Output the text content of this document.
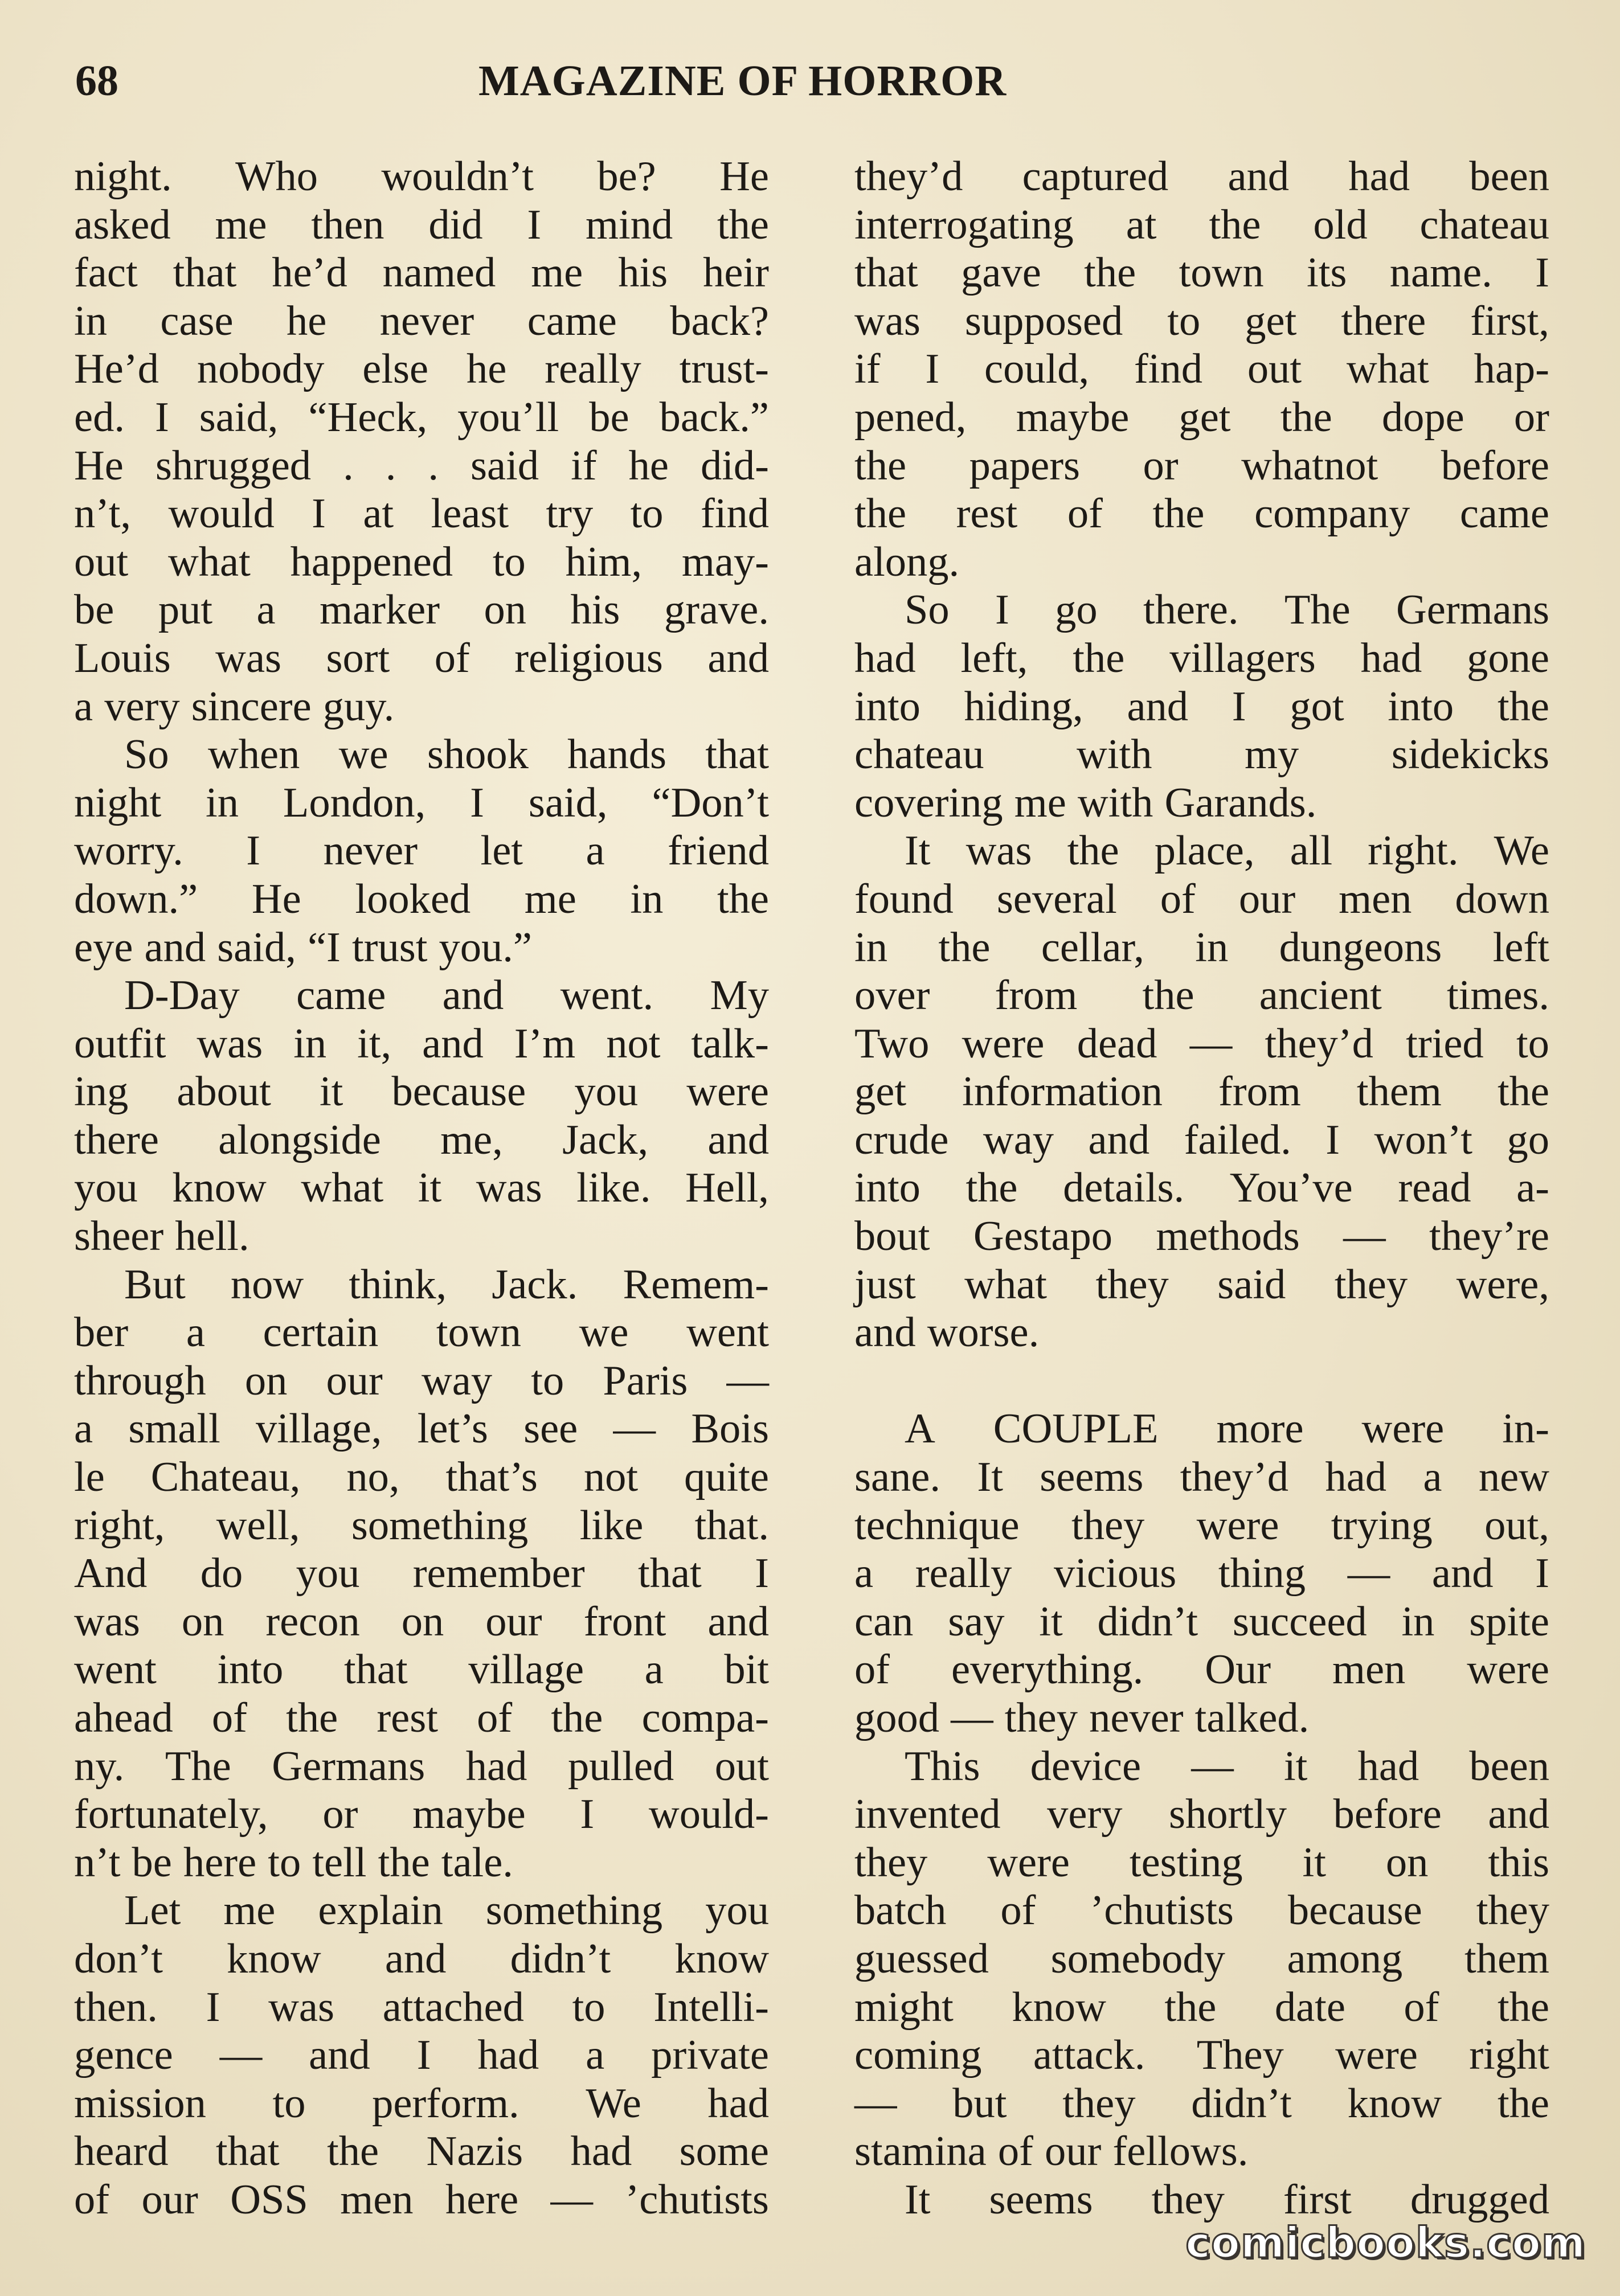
68	MAGAZINE OF HORROR
night. Who wouldn’t be? He
asked me then did I mind the
fact that he’d named me his heir
in case he never came back?
He’d nobody else he really trust-
ed. I said, “Heck, you’ll be back.”
He shrugged . . . said if he did-
n’t, would I at least try to find
out what happened to him, may-
be put a marker on his grave.
Louis was sort of religious and
a very sincere guy.
So when we shook hands that
night in London, I said, “Don’t
worry. I never let a friend
down.” He looked me in the
eye and said, “I trust you.”
D-Day came and went. My
outfit was in it, and I’m not talk-
ing about it because you were
there alongside me, Jack, and
you know what it was like. Hell,
sheer hell.
But now think, Jack. Remem-
ber a certain town we went
through on our way to Paris —
a small village, let’s see — Bois
le Chateau, no, that’s not quite
right, well, something like that.
And do you remember that I
was on recon on our front and
went into that village a bit
ahead of the rest of the compa-
ny. The Germans had pulled out
fortunately, or maybe I would-
n’t be here to tell the tale.
Let me explain something you
don’t know and didn’t know
then. I was attached to Intelli-
gence — and I had a private
mission to perform. We had
heard that the Nazis had some
of our OSS men here — ’chutists
they’d captured and had been
interrogating at the old chateau
that gave the town its name. I
was supposed to get there first,
if I could, find out what hap-
pened, maybe get the dope or
the papers or whatnot before
the rest of the company came
along.
So I go there. The Germans
had left, the villagers had gone
into hiding, and I got into the
chateau with my sidekicks
covering me with Garands.
It was the place, all right. We
found several of our men down
in the cellar, in dungeons left
over from the ancient times.
Two were dead — they’d tried to
get information from them the
crude way and failed. I won’t go
into the details. You’ve read a-
bout Gestapo methods — they’re
just what they said they were,
and worse.
A COUPLE more were in-
sane. It seems they’d had a new
technique they were trying out,
a really vicious thing — and I
can say it didn’t succeed in spite
of everything. Our men were
good — they never talked.
This device — it had been
invented very shortly before and
they were testing it on this
batch of ’chutists because they
guessed somebody among them
might know the date of the
coming attack. They were right
— but they didn’t know the
stamina of our fellows.
It seems they first drugged
comicbooks.com
